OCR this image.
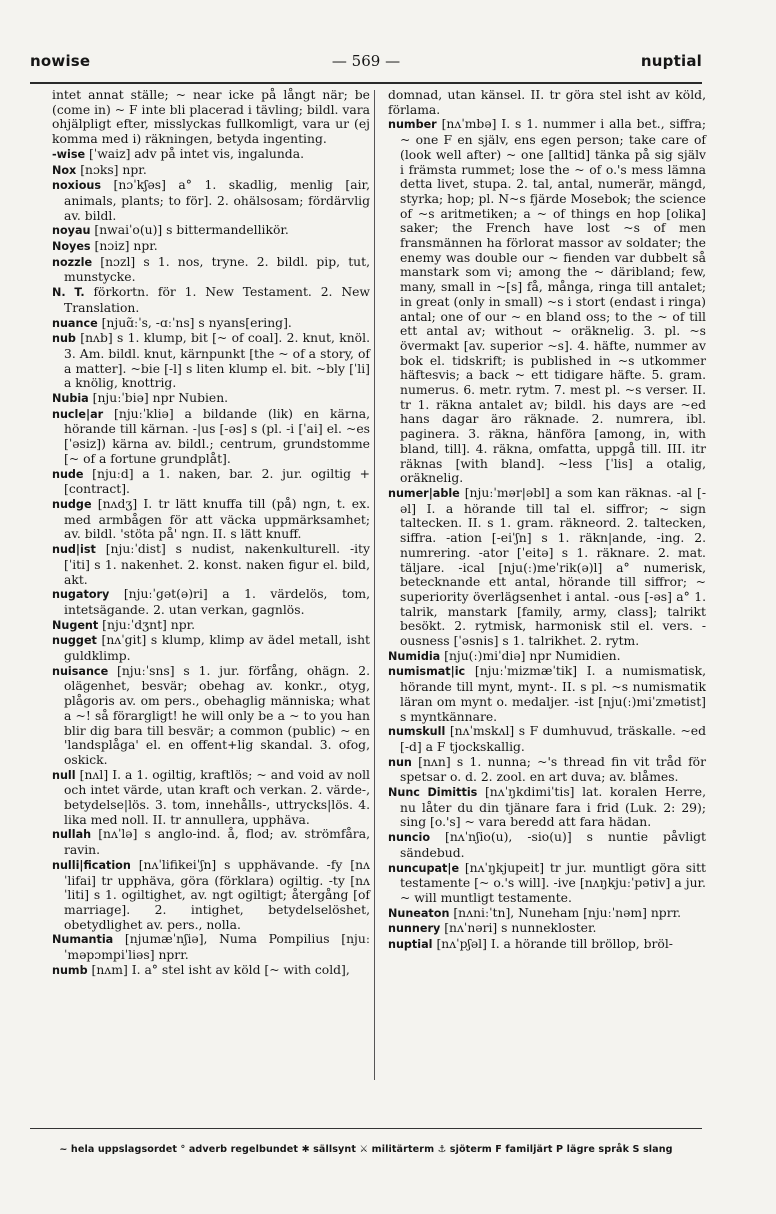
nowise	— 569 —	nuptial

intet annat ställe; ~ near icke på långt när; be (come in) ~ F inte bli placerad i tävling; bildl. vara ohjälpligt efter, misslyckas fullkomligt, vara ur (ej komma med i) räkningen, betyda ingenting.

-wise [ˈwaiz] adv på intet vis, ingalunda.

Nox [nɔks] npr.

noxious [nɔˈkʃəs] a° 1. skadlig, menlig [air, animals, plants; to för]. 2. ohälsosam; fördärvlig av. bildl.

noyau [nwaiˈo(u)] s bittermandellikör.

Noyes [nɔiz] npr.

nozzle [nɔzl] s 1. nos, tryne. 2. bildl. pip, tut, munstycke.

N. T. förkortn. för 1. New Testament. 2. New Translation.

nuance [njuɑ̃ːˈs, -ɑːˈns] s nyans[ering].

nub [nʌb] s 1. klump, bit [~ of coal]. 2. knut, knöl. 3. Am. bildl. knut, kärnpunkt [the ~ of a story, of a matter]. ~bie [-l] s liten klump el. bit. ~bly [ˈli] a knölig, knottrig.

Nubia [njuːˈbiə] npr Nubien.

nucle|ar [njuːˈkliə] a bildande (lik) en kärna, hörande till kärnan. -|us [-əs] s (pl. -i [ˈai] el. ~es [ˈəsiz]) kärna av. bildl.; centrum, grundstomme [~ of a fortune grundplåt].

nude [njuːd] a 1. naken, bar. 2. jur. ogiltig + [contract].

nudge [nʌdʒ] I. tr lätt knuffa till (på) ngn, t. ex. med armbågen för att väcka uppmärksamhet; av. bildl. 'stöta på' ngn. II. s lätt knuff.

nud|ist [njuːˈdist] s nudist, nakenkulturell. -ity [ˈiti] s 1. nakenhet. 2. konst. naken figur el. bild, akt.

nugatory [njuːˈgət(ə)ri] a 1. värdelös, tom, intetsägande. 2. utan verkan, gagnlös.

Nugent [njuːˈdʒnt] npr.

nugget [nʌˈgit] s klump, klimp av ädel metall, isht guldklimp.

nuisance [njuːˈsns] s 1. jur. förfång, ohägn. 2. olägenhet, besvär; obehag av. konkr., otyg, plågoris av. om pers., obehaglig människa; what a ~! så förargligt! he will only be a ~ to you han blir dig bara till besvär; a common (public) ~ en 'landsplåga' el. en offent+lig skandal. 3. ofog, oskick.

null [nʌl] I. a 1. ogiltig, kraftlös; ~ and void av noll och intet värde, utan kraft och verkan. 2. värde-, betydelse|lös. 3. tom, innehålls-, uttrycks|lös. 4. lika med noll. II. tr annullera, upphäva.

nullah [nʌˈlə] s anglo-ind. å, flod; av. strömfåra, ravin.

nulli|fication [nʌˈlifikeiˈʃn] s upphävande. -fy [nʌˈlifai] tr upphäva, göra (förklara) ogiltig. -ty [nʌˈliti] s 1. ogiltighet, av. ngt ogiltigt; återgång [of marriage]. 2. intighet, betydelselöshet, obetydlighet av. pers., nolla.

Numantia [njumæˈnʃiə], Numa Pompilius [njuːˈməpɔmpiˈliəs] nprr.

numb [nʌm] I. a° stel isht av köld [~ with cold],

domnad, utan känsel. II. tr göra stel isht av köld, förlama.

number [nʌˈmbə] I. s 1. nummer i alla bet., siffra; ~ one F en själv, ens egen person; take care of (look well after) ~ one [alltid] tänka på sig själv i främsta rummet; lose the ~ of o.'s mess lämna detta livet, stupa. 2. tal, antal, numerär, mängd, styrka; hop; pl. N~s fjärde Mosebok; the science of ~s aritmetiken; a ~ of things en hop [olika] saker; the French have lost ~s of men fransmännen ha förlorat massor av soldater; the enemy was double our ~ fienden var dubbelt så manstark som vi; among the ~ däribland; few, many, small in ~[s] få, många, ringa till antalet; in great (only in small) ~s i stort (endast i ringa) antal; one of our ~ en bland oss; to the ~ of till ett antal av; without ~ oräknelig. 3. pl. ~s övermakt [av. superior ~s]. 4. häfte, nummer av bok el. tidskrift; is published in ~s utkommer häftesvis; a back ~ ett tidigare häfte. 5. gram. numerus. 6. metr. rytm. 7. mest pl. ~s verser. II. tr 1. räkna antalet av; bildl. his days are ~ed hans dagar äro räknade. 2. numrera, ibl. paginera. 3. räkna, hänföra [among, in, with bland, till]. 4. räkna, omfatta, uppgå till. III. itr räknas [with bland]. ~less [ˈlis] a otalig, oräknelig.

numer|able [njuːˈmər|əbl] a som kan räknas. -al [-əl] I. a hörande till tal el. siffror; ~ sign taltecken. II. s 1. gram. räkneord. 2. taltecken, siffra. -ation [-eiˈʃn] s 1. räkn|ande, -ing. 2. numrering. -ator [ˈeitə] s 1. räknare. 2. mat. täljare. -ical [nju(ː)meˈrik(ə)l] a° numerisk, betecknande ett antal, hörande till siffror; ~ superiority överlägsenhet i antal. -ous [-əs] a° 1. talrik, manstark [family, army, class]; talrikt besökt. 2. rytmisk, harmonisk stil el. vers. -ousness [ˈəsnis] s 1. talrikhet. 2. rytm.

Numidia [nju(ː)miˈdiə] npr Numidien.

numismat|ic [njuːˈmizmæˈtik] I. a numismatisk, hörande till mynt, mynt-. II. s pl. ~s numismatik läran om mynt o. medaljer. -ist [nju(ː)miˈzmətist] s myntkännare.

numskull [nʌˈmskʌl] s F dumhuvud, träskalle. ~ed [-d] a F tjockskallig.

nun [nʌn] s 1. nunna; ~'s thread fin vit tråd för spetsar o. d. 2. zool. en art duva; av. blåmes.

Nunc Dimittis [nʌˈŋkdimiˈtis] lat. koralen Herre, nu låter du din tjänare fara i frid (Luk. 2: 29); sing [o.'s] ~ vara beredd att fara hädan.

nuncio [nʌˈnʃio(u), -sio(u)] s nuntie påvligt sändebud.

nuncupat|e [nʌˈŋkjupeit] tr jur. muntligt göra sitt testamente [~ o.'s will]. -ive [nʌŋkjuːˈpətiv] a jur. ~ will muntligt testamente.

Nuneaton [nʌniːˈtn], Nuneham [njuːˈnəm] nprr.

nunnery [nʌˈnəri] s nunnekloster.

nuptial [nʌˈpʃəl] I. a hörande till bröllop, bröl-

~ hela uppslagsordet ° adverb regelbundet ✱ sällsynt ⚔ militärterm ⚓ sjöterm F familjärt P lägre språk S slang
